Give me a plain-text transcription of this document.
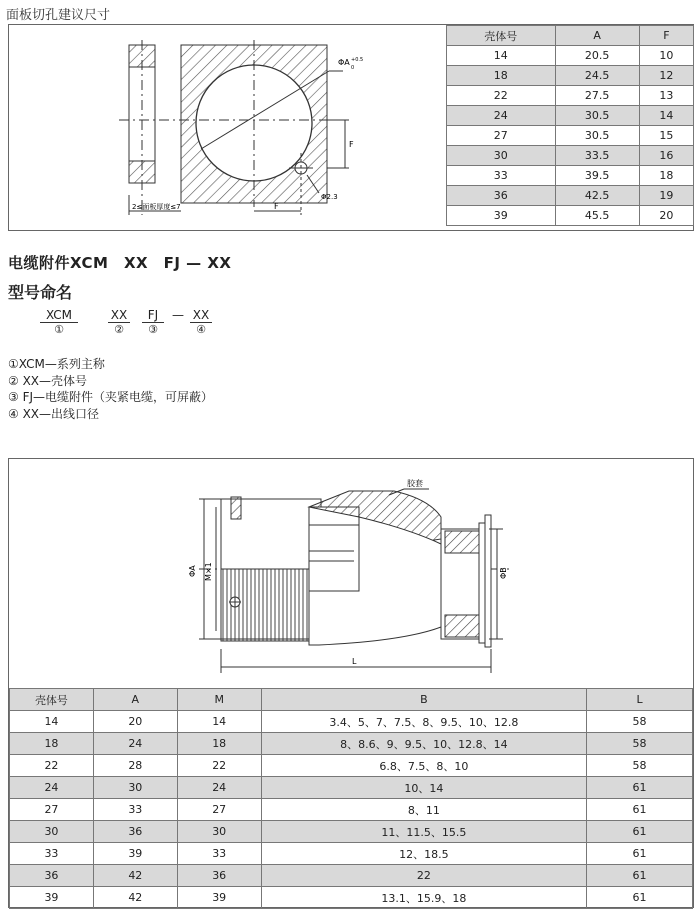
面板切孔建议尺寸
ΦA +0.5
0
F
F
Φ2.3
2≤面板厚度≤7
壳体号	A	F
14	20.5	10
18	24.5	12
22	27.5	13
24	30.5	14
27	30.5	15
30	33.5	16
33	39.5	18
36	42.5	19
39	45.5	20
电缆附件XCM　XX　FJ — XX
型号命名
XCM
①
XX
②
FJ
③
— XX
④
①XCM—系列主称
② XX—壳体号
③ FJ—电缆附件（夹紧电缆，可屏蔽）
④ XX—出线口径
胶套
ΦA M×1	ΦB
L
壳体号	A	M	B	L
14	20	14	3.4、5、7、7.5、8、9.5、10、12.8	58
18	24	18	8、8.6、9、9.5、10、12.8、14	58
22	28	22	6.8、7.5、8、10	58
24	30	24	10、14	61
27	33	27	8、11	61
30	36	30	11、11.5、15.5	61
33	39	33	12、18.5	61
36	42	36	22	61
39	42	39	13.1、15.9、18	61
